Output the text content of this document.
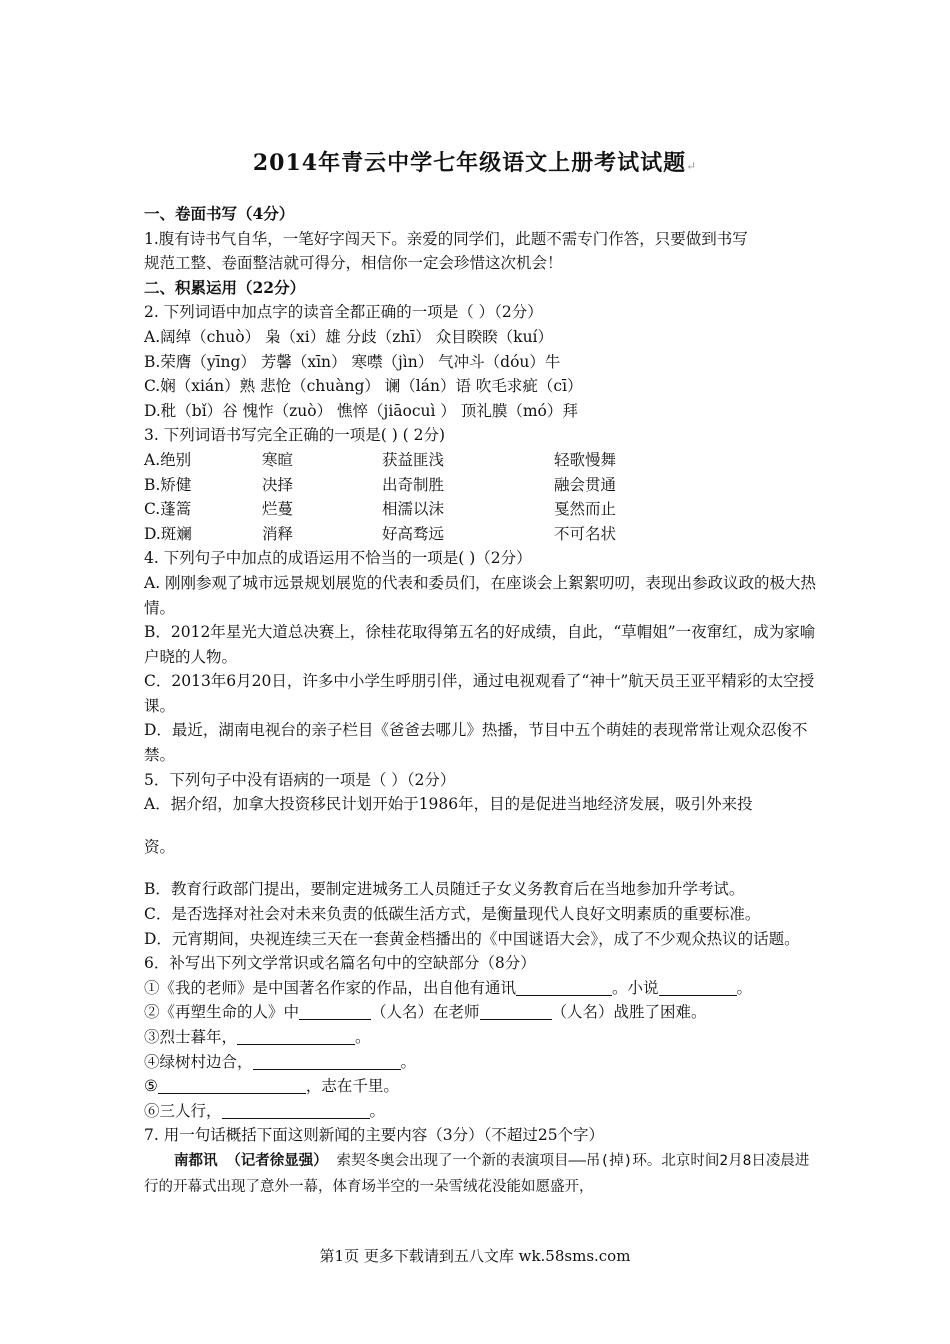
2014年青云中学七年级语文上册考试试题↵
一、卷面书写（4分）
1.腹有诗书气自华，一笔好字闯天下。亲爱的同学们，此题不需专门作答，只要做到书写
规范工整、卷面整洁就可得分，相信你一定会珍惜这次机会！
二、积累运用（22分）
2. 下列词语中加点字的读音全都正确的一项是（ ）（2分）
A.阔绰（chuò） 枭（xi）雄 分歧（zhī） 众目睽睽（kuí）
B.荣膺（yīng） 芳馨（xīn） 寒噤（jìn） 气冲斗（dóu）牛
C.娴（xián）熟 悲怆（chuàng） 谰（lán）语 吹毛求疵（cī）
D.秕（bǐ）谷 愧怍（zuò） 憔悴（jiāocuì ） 顶礼膜（mó）拜
3. 下列词语书写完全正确的一项是( ) ( 2分)
A.绝别	寒暄	获益匪浅	轻歌慢舞
B.矫健	决择	出奇制胜	融会贯通
C.蓬篙	烂蔓	相濡以沫	戛然而止
D.斑斓	消释	好高骛远	不可名状
4. 下列句子中加点的成语运用不恰当的一项是( )（2分）
A. 刚刚参观了城市远景规划展览的代表和委员们，在座谈会上絮絮叨叨，表现出参政议政的极大热情。
B．2012年星光大道总决赛上，徐桂花取得第五名的好成绩，自此，“草帽姐”一夜窜红，成为家喻户晓的人物。
C．2013年6月20日，许多中小学生呼朋引伴，通过电视观看了“神十”航天员王亚平精彩的太空授课。
D．最近，湖南电视台的亲子栏目《爸爸去哪儿》热播，节目中五个萌娃的表现常常让观众忍俊不禁。
5．下列句子中没有语病的一项是（ ）（2分）
A．据介绍，加拿大投资移民计划开始于1986年，目的是促进当地经济发展，吸引外来投
资。
B．教育行政部门提出，要制定进城务工人员随迁子女义务教育后在当地参加升学考试。
C．是否选择对社会对未来负责的低碳生活方式，是衡量现代人良好文明素质的重要标准。
D．元宵期间，央视连续三天在一套黄金档播出的《中国谜语大会》，成了不少观众热议的话题。
6．补写出下列文学常识或名篇名句中的空缺部分（8分）
①《我的老师》是中国著名作家的作品，出自他有通讯	。小说	。
②《再塑生命的人》中	（人名）在老师	（人名）战胜了困难。
③烈士暮年，	。
④绿树村边合，	。
⑤	，志在千里。
⑥三人行，	。
7. 用一句话概括下面这则新闻的主要内容（3分）（不超过25个字）
南都讯 （记者徐显强） 索契冬奥会出现了一个新的表演项目——吊(掉)环。北京时间2月8日凌晨进行的开幕式出现了意外一幕，体育场半空的一朵雪绒花没能如愿盛开，
第1页 更多下载请到五八文库 wk.58sms.com
